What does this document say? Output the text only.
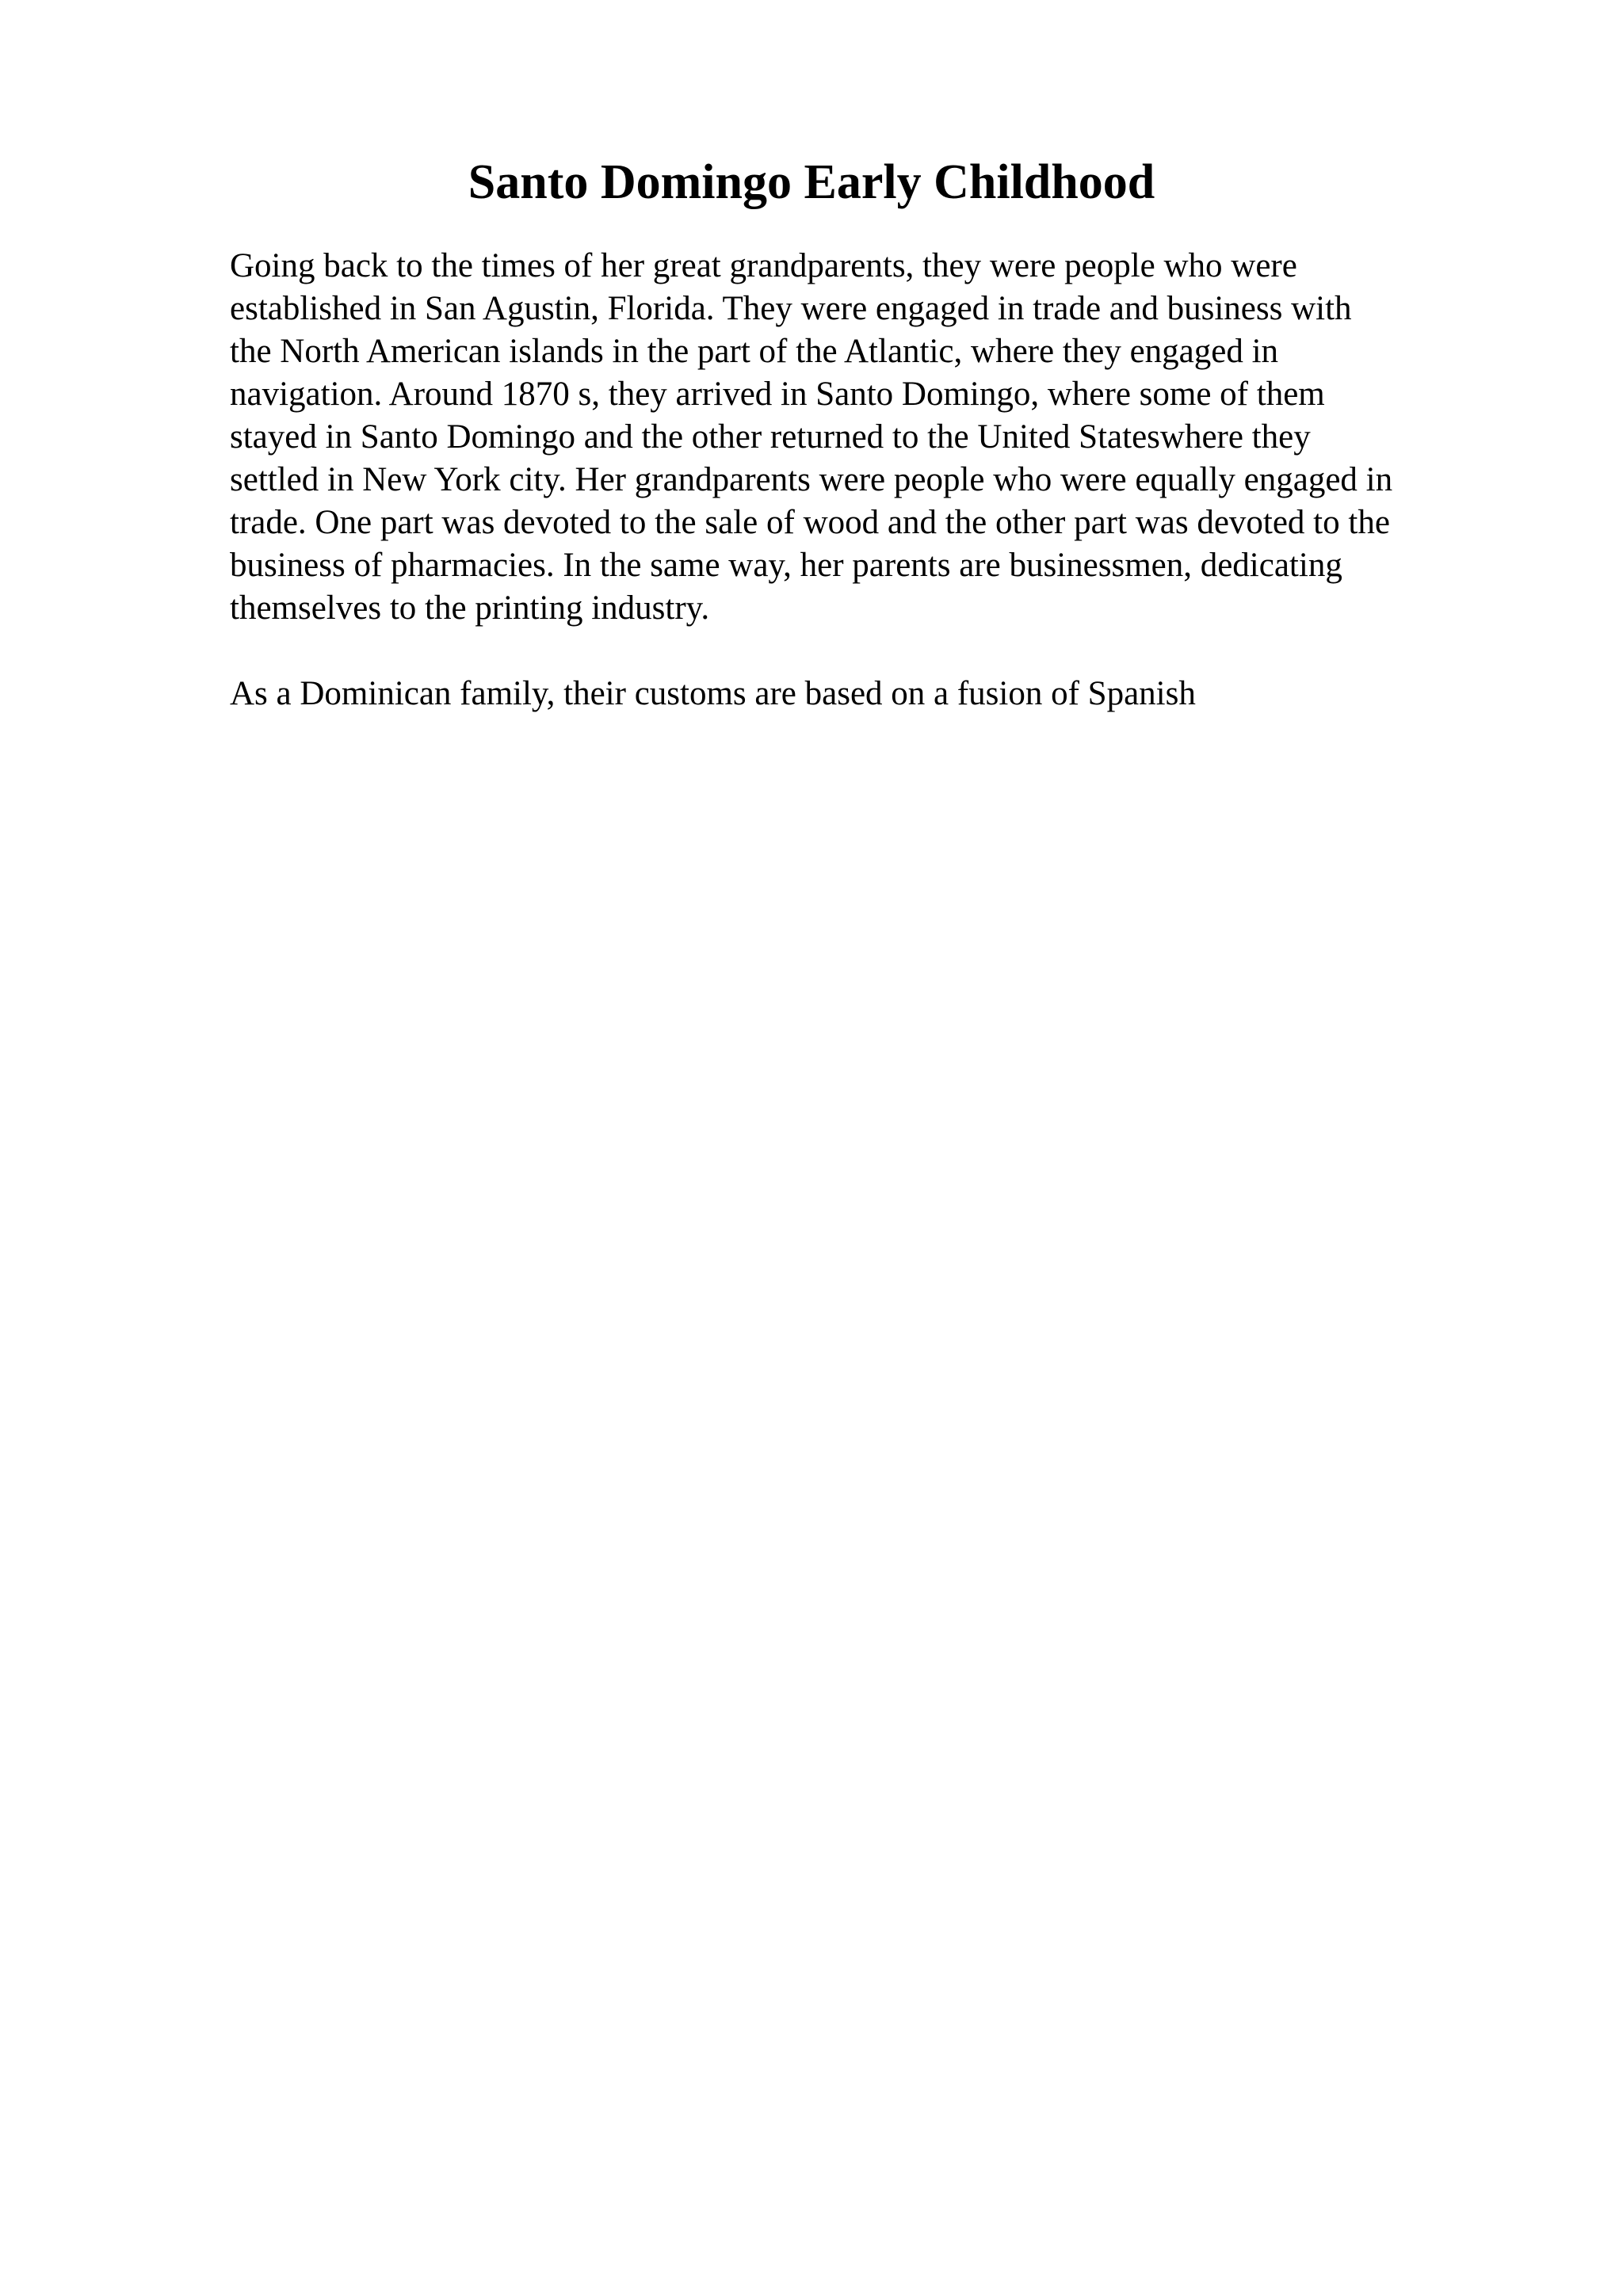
Santo Domingo Early Childhood

Going back to the times of her great grandparents, they were people who were

established in San Agustin, Florida. They were engaged in trade and business with

the North American islands in the part of the Atlantic, where they engaged in

navigation. Around 1870 s, they arrived in Santo Domingo, where some of them

stayed in Santo Domingo and the other returned to the United Stateswhere they

settled in New York city. Her grandparents were people who were equally engaged in

trade. One part was devoted to the sale of wood and the other part was devoted to the

business of pharmacies. In the same way, her parents are businessmen, dedicating

themselves to the printing industry.

As a Dominican family, their customs are based on a fusion of Spanish
